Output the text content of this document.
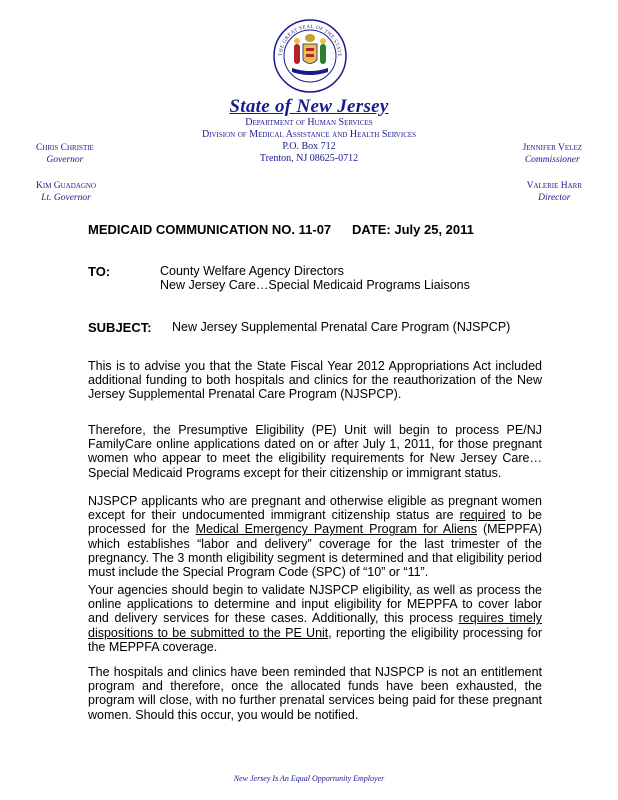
THE GREAT SEAL OF THE STATE
State of New Jersey
Department of Human Services
Division of Medical Assistance and Health Services
P.O. Box 712
Trenton, NJ 08625-0712
Chris Christie
Governor
Kim Guadagno
Lt. Governor
Jennifer Velez
Commissioner
Valerie Harr
Director
MEDICAID COMMUNICATION NO. 11-07 DATE: July 25, 2011
TO:	County Welfare Agency Directors
New Jersey Care…Special Medicaid Programs Liaisons
SUBJECT: New Jersey Supplemental Prenatal Care Program (NJSPCP)
This is to advise you that the State Fiscal Year 2012 Appropriations Act included additional funding to both hospitals and clinics for the reauthorization of the New Jersey Supplemental Prenatal Care Program (NJSPCP).
Therefore, the Presumptive Eligibility (PE) Unit will begin to process PE/NJ FamilyCare online applications dated on or after July 1, 2011, for those pregnant women who appear to meet the eligibility requirements for New Jersey Care…Special Medicaid Programs except for their citizenship or immigrant status.
NJSPCP applicants who are pregnant and otherwise eligible as pregnant women except for their undocumented immigrant citizenship status are required to be processed for the Medical Emergency Payment Program for Aliens (MEPPFA) which establishes “labor and delivery” coverage for the last trimester of the pregnancy. The 3 month eligibility segment is determined and that eligibility period must include the Special Program Code (SPC) of “10” or “11”.
Your agencies should begin to validate NJSPCP eligibility, as well as process the online applications to determine and input eligibility for MEPPFA to cover labor and delivery services for these cases. Additionally, this process requires timely dispositions to be submitted to the PE Unit, reporting the eligibility processing for the MEPPFA coverage.
The hospitals and clinics have been reminded that NJSPCP is not an entitlement program and therefore, once the allocated funds have been exhausted, the program will close, with no further prenatal services being paid for these pregnant women. Should this occur, you would be notified.
New Jersey Is An Equal Opportunity Employer
